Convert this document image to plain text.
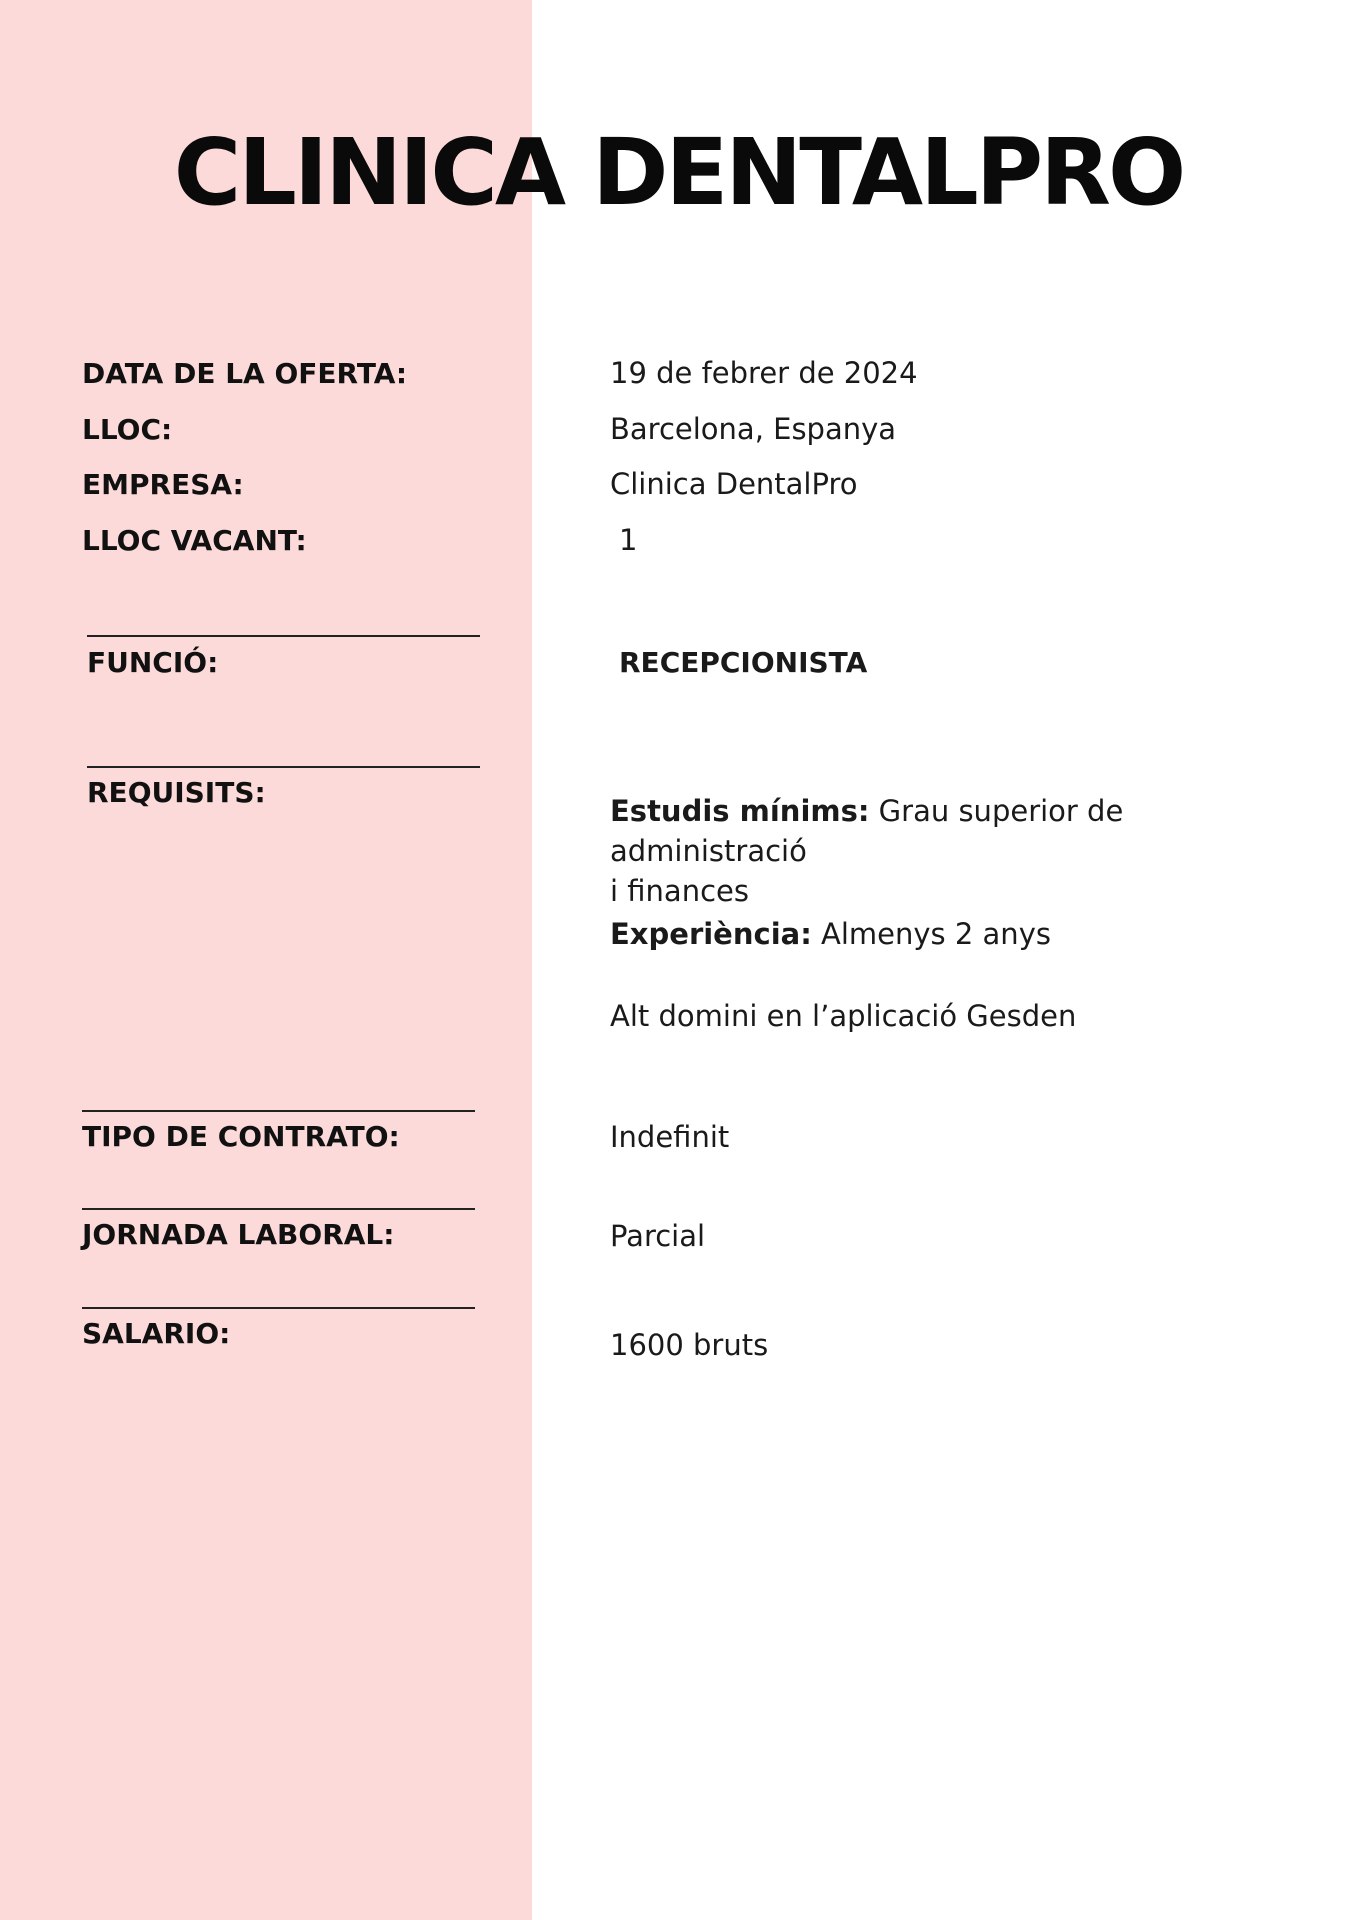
CLINICA DENTALPRO
DATA DE LA OFERTA:	19 de febrer de 2024
LLOC:	Barcelona, Espanya
EMPRESA:	Clinica DentalPro
LLOC VACANT:	1
FUNCIÓ:	RECEPCIONISTA
REQUISITS:
Estudis mínims: Grau superior de administració
i finances
Experiència: Almenys 2 anys
Alt domini en l’aplicació Gesden
TIPO DE CONTRATO:	Indefinit
JORNADA LABORAL:	Parcial
SALARIO:	1600 bruts
